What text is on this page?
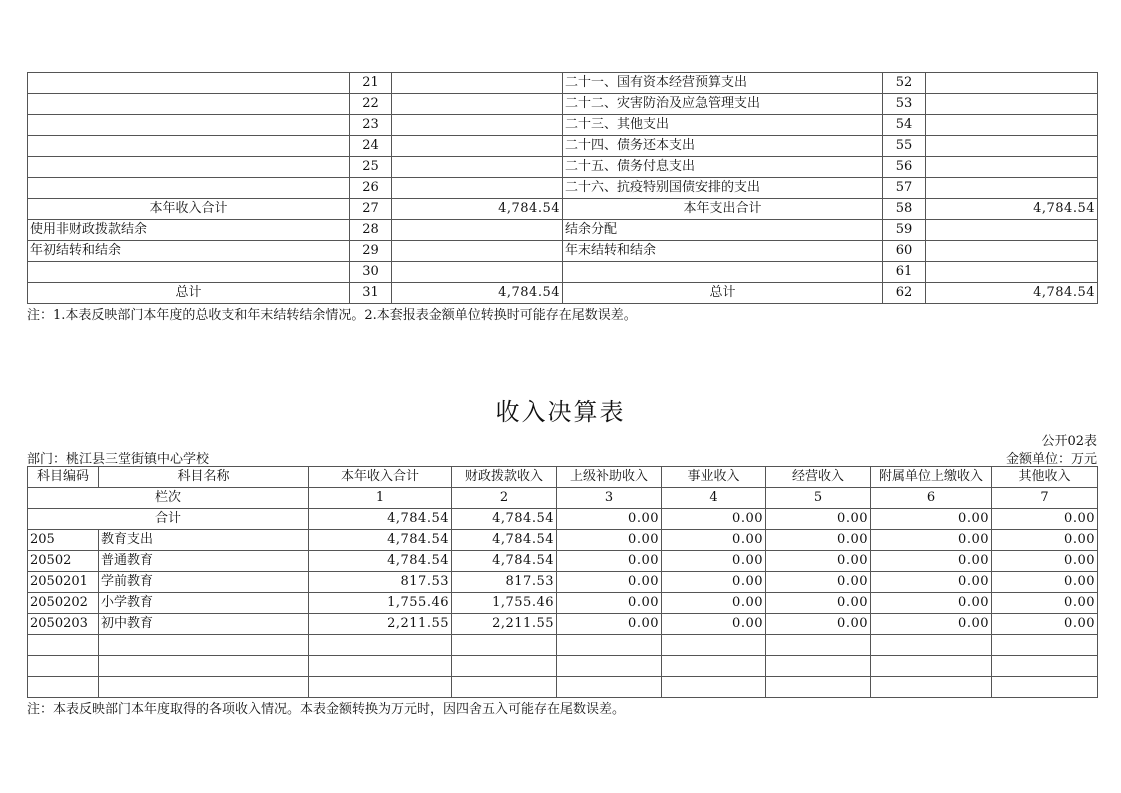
	21		二十一、国有资本经营预算支出	52	
	22		二十二、灾害防治及应急管理支出	53	
	23		二十三、其他支出	54	
	24		二十四、债务还本支出	55	
	25		二十五、债务付息支出	56	
	26		二十六、抗疫特别国债安排的支出	57	
本年收入合计	27	4,784.54	本年支出合计	58	4,784.54
使用非财政拨款结余	28		结余分配	59	
年初结转和结余	29		年末结转和结余	60	
	30			61	
总计	31	4,784.54	总计	62	4,784.54
注：1.本表反映部门本年度的总收支和年末结转结余情况。2.本套报表金额单位转换时可能存在尾数误差。
收入决算表
公开02表
部门：桃江县三堂街镇中心学校	金额单位：万元
科目编码	科目名称	本年收入合计	财政拨款收入	上级补助收入	事业收入	经营收入	附属单位上缴收入	其他收入
栏次		1	2	3	4	5	6	7
合计		4,784.54	4,784.54	0.00	0.00	0.00	0.00	0.00
205	教育支出	4,784.54	4,784.54	0.00	0.00	0.00	0.00	0.00
20502	普通教育	4,784.54	4,784.54	0.00	0.00	0.00	0.00	0.00
2050201	学前教育	817.53	817.53	0.00	0.00	0.00	0.00	0.00
2050202	小学教育	1,755.46	1,755.46	0.00	0.00	0.00	0.00	0.00
2050203	初中教育	2,211.55	2,211.55	0.00	0.00	0.00	0.00	0.00

注：本表反映部门本年度取得的各项收入情况。本表金额转换为万元时，因四舍五入可能存在尾数误差。
